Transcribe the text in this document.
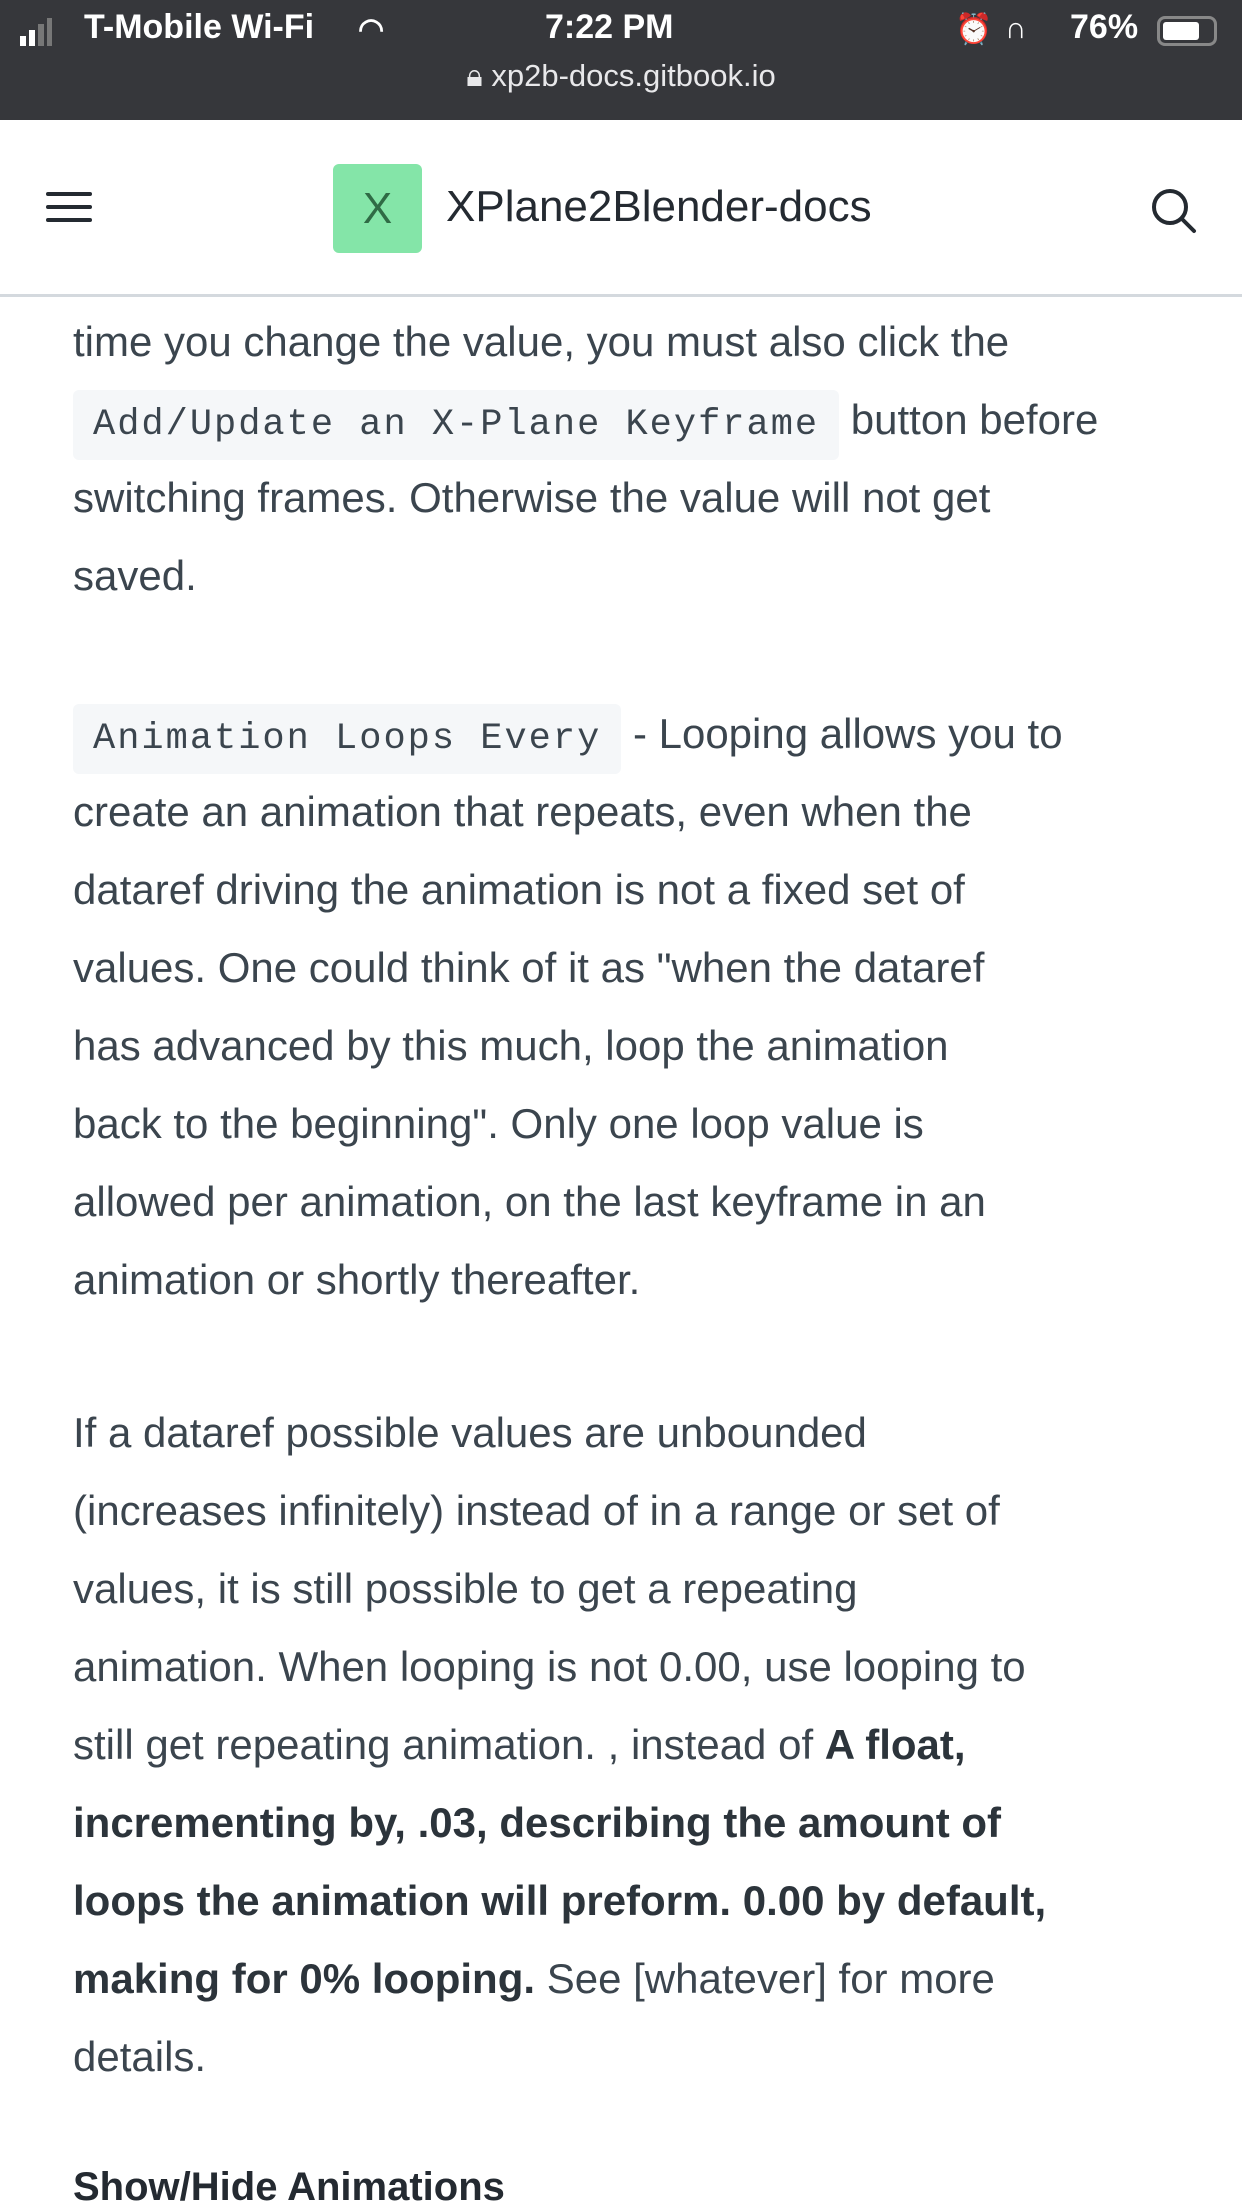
T-Mobile Wi-Fi ◠	7:22 PM	⏰ ∩ 76%
🔒︎ xp2b-docs.gitbook.io
X	XPlane2Blender-docs
time you change the value, you must also click the
Add/Update an X-Plane Keyframe button before
switching frames. Otherwise the value will not get
saved.
Animation Loops Every - Looping allows you to
create an animation that repeats, even when the
dataref driving the animation is not a fixed set of
values. One could think of it as "when the dataref
has advanced by this much, loop the animation
back to the beginning". Only one loop value is
allowed per animation, on the last keyframe in an
animation or shortly thereafter.
If a dataref possible values are unbounded
(increases infinitely) instead of in a range or set of
values, it is still possible to get a repeating
animation. When looping is not 0.00, use looping to
still get repeating animation. , instead of A float,
incrementing by, .03, describing the amount of
loops the animation will preform. 0.00 by default,
making for 0% looping. See [whatever] for more
details.
Show/Hide Animations
